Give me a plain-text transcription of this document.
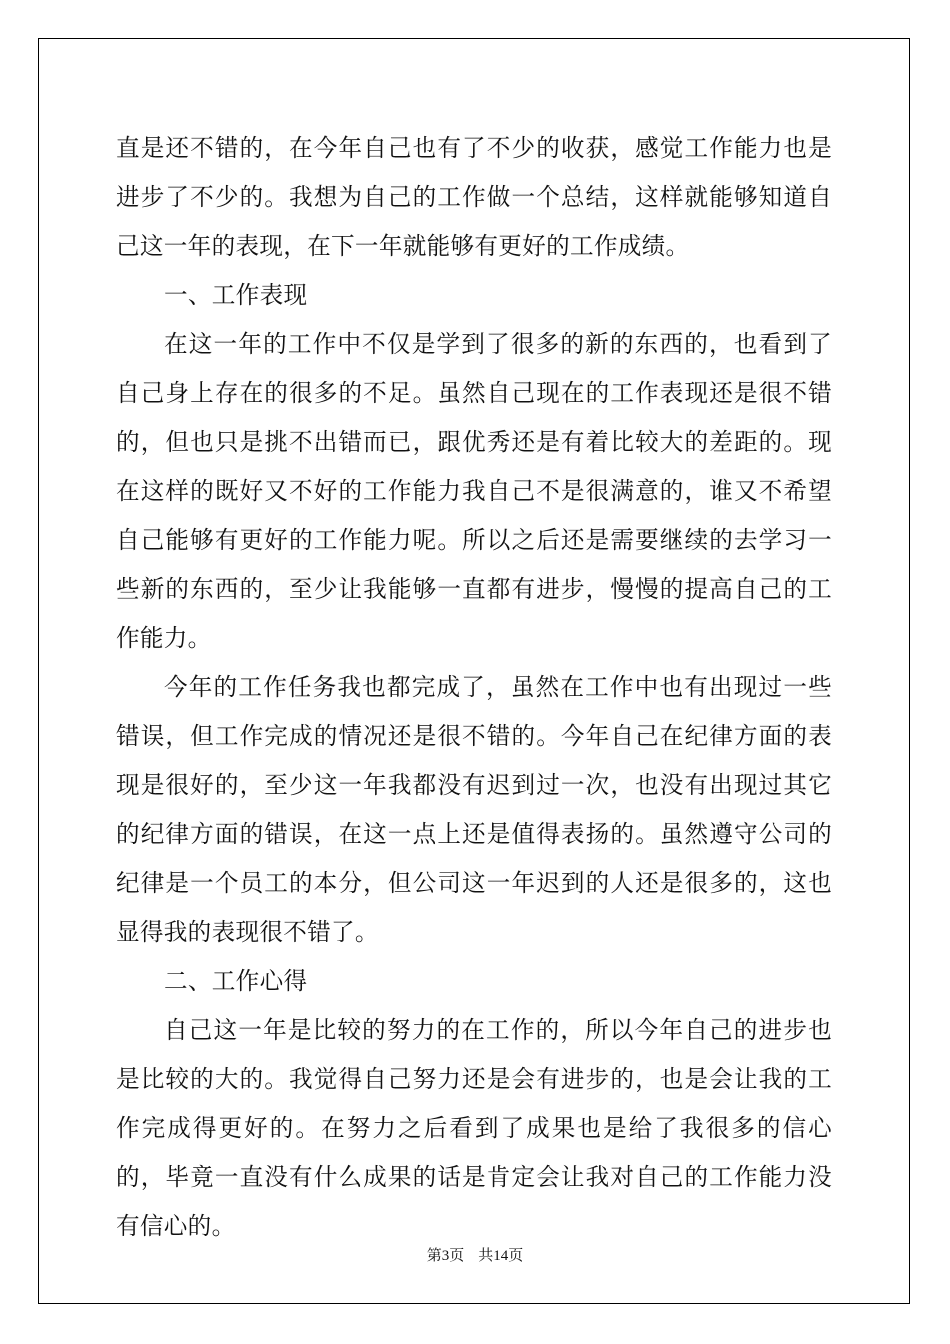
直是还不错的，在今年自己也有了不少的收获，感觉工作能力也是进步了不少的。我想为自己的工作做一个总结，这样就能够知道自己这一年的表现，在下一年就能够有更好的工作成绩。

一、工作表现

在这一年的工作中不仅是学到了很多的新的东西的，也看到了自己身上存在的很多的不足。虽然自己现在的工作表现还是很不错的，但也只是挑不出错而已，跟优秀还是有着比较大的差距的。现在这样的既好又不好的工作能力我自己不是很满意的，谁又不希望自己能够有更好的工作能力呢。所以之后还是需要继续的去学习一些新的东西的，至少让我能够一直都有进步，慢慢的提高自己的工作能力。

今年的工作任务我也都完成了，虽然在工作中也有出现过一些错误，但工作完成的情况还是很不错的。今年自己在纪律方面的表现是很好的，至少这一年我都没有迟到过一次，也没有出现过其它的纪律方面的错误，在这一点上还是值得表扬的。虽然遵守公司的纪律是一个员工的本分，但公司这一年迟到的人还是很多的，这也显得我的表现很不错了。

二、工作心得

自己这一年是比较的努力的在工作的，所以今年自己的进步也是比较的大的。我觉得自己努力还是会有进步的，也是会让我的工作完成得更好的。在努力之后看到了成果也是给了我很多的信心的，毕竟一直没有什么成果的话是肯定会让我对自己的工作能力没有信心的。

第3页 共14页
